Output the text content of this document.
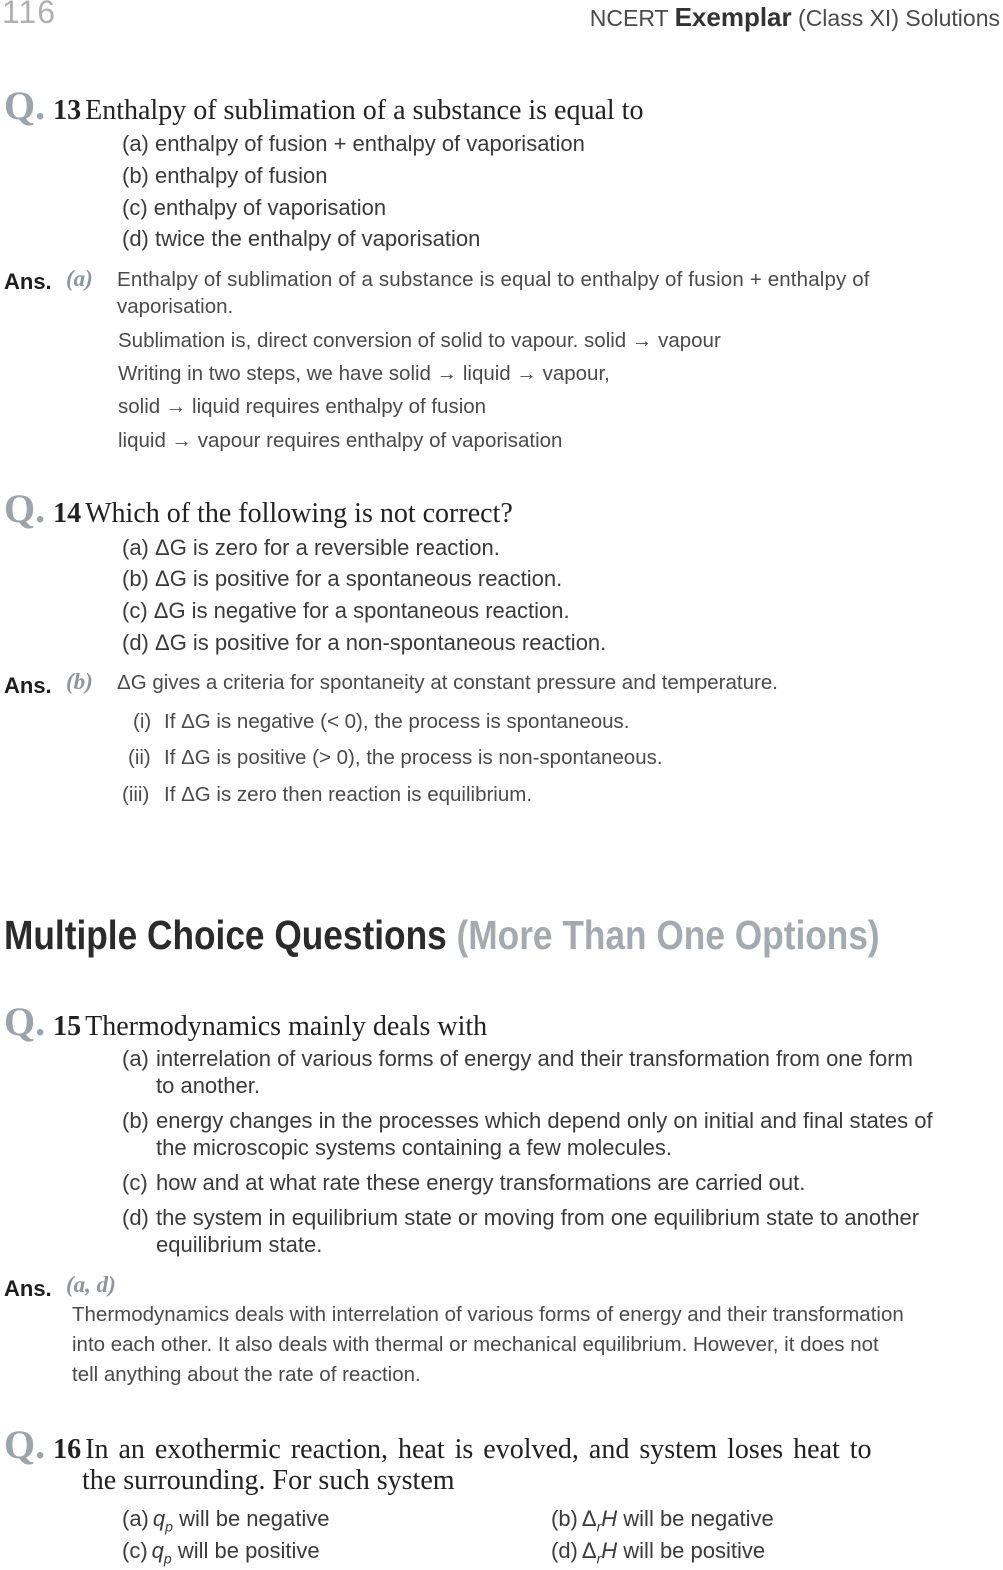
116	NCERT Exemplar (Class XI) Solutions
Q. 13 Enthalpy of sublimation of a substance is equal to
(a) enthalpy of fusion + enthalpy of vaporisation
(b) enthalpy of fusion
(c) enthalpy of vaporisation
(d) twice the enthalpy of vaporisation
Ans. (a) Enthalpy of sublimation of a substance is equal to enthalpy of fusion + enthalpy of
vaporisation.
Sublimation is, direct conversion of solid to vapour. solid → vapour
Writing in two steps, we have solid → liquid → vapour,
solid → liquid requires enthalpy of fusion
liquid → vapour requires enthalpy of vaporisation
Q. 14 Which of the following is not correct?
(a) ΔG is zero for a reversible reaction.
(b) ΔG is positive for a spontaneous reaction.
(c) ΔG is negative for a spontaneous reaction.
(d) ΔG is positive for a non-spontaneous reaction.
Ans. (b) ΔG gives a criteria for spontaneity at constant pressure and temperature.
(i) If ΔG is negative (< 0), the process is spontaneous.
(ii) If ΔG is positive (> 0), the process is non-spontaneous.
(iii) If ΔG is zero then reaction is equilibrium.
Multiple Choice Questions (More Than One Options)
Q. 15 Thermodynamics mainly deals with
(a) interrelation of various forms of energy and their transformation from one form
to another.
(b) energy changes in the processes which depend only on initial and final states of
the microscopic systems containing a few molecules.
(c) how and at what rate these energy transformations are carried out.
(d) the system in equilibrium state or moving from one equilibrium state to another
equilibrium state.
Ans. (a, d)
Thermodynamics deals with interrelation of various forms of energy and their transformation
into each other. It also deals with thermal or mechanical equilibrium. However, it does not
tell anything about the rate of reaction.
Q. 16 In an exothermic reaction, heat is evolved, and system loses heat to
the surrounding. For such system
(a) $q_p$ will be negative	(b) $\Delta_rH$ will be negative
(c) $q_p$ will be positive	(d) $\Delta_rH$ will be positive
